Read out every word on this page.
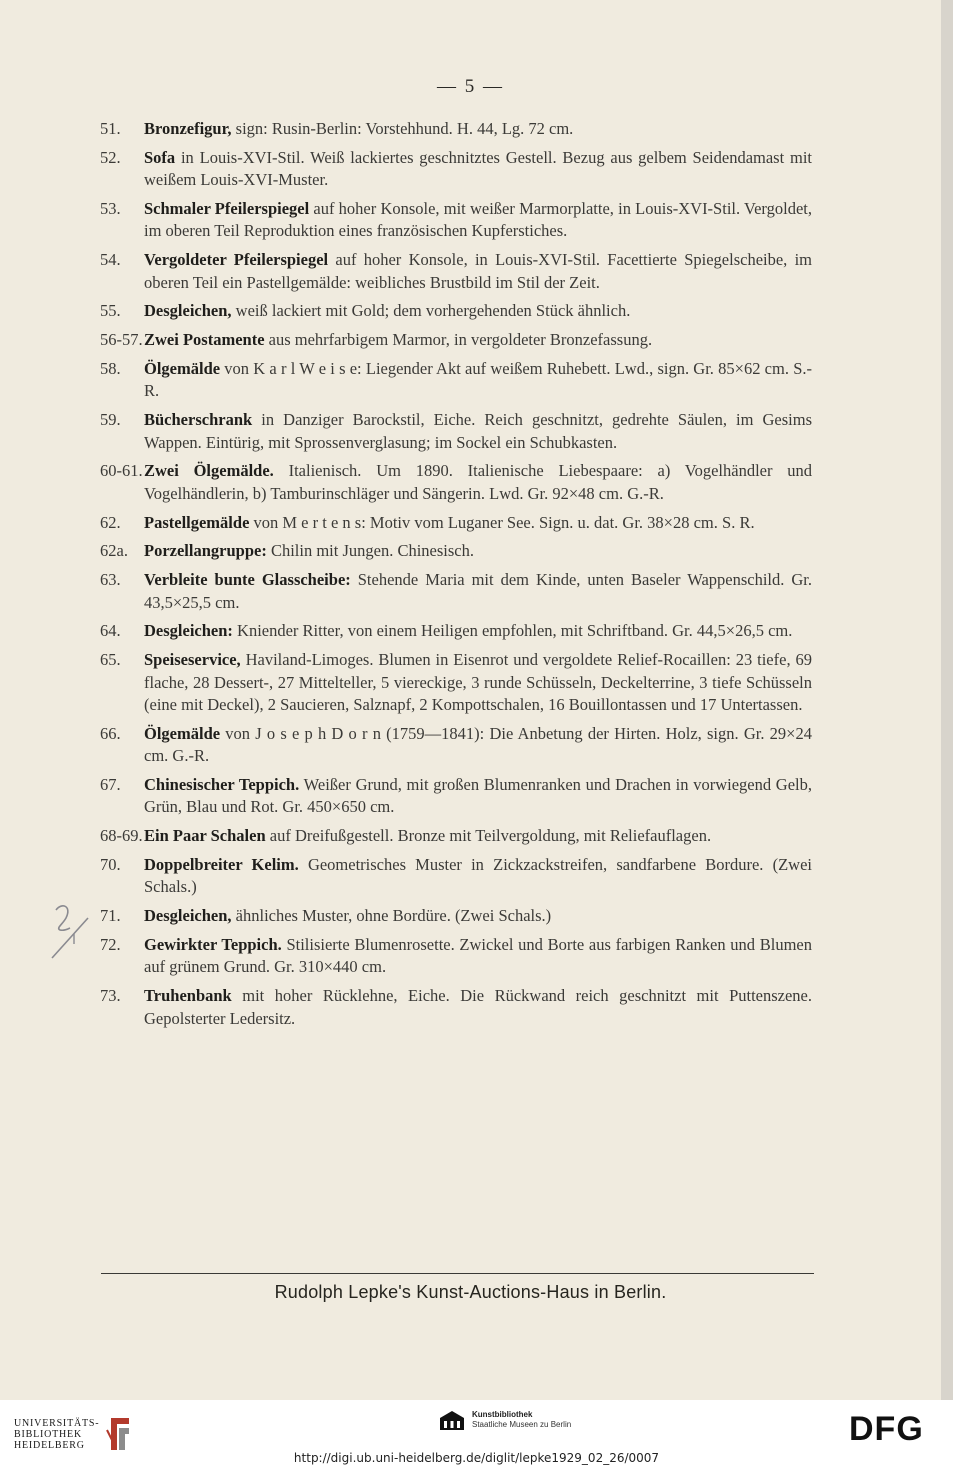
— 5 —
51.	Bronzefigur, sign: Rusin-Berlin: Vorstehhund. H. 44, Lg. 72 cm.
52.	Sofa in Louis-XVI-Stil. Weiß lackiertes geschnitztes Gestell. Bezug aus gelbem Seidendamast mit weißem Louis-XVI-Muster.
53.	Schmaler Pfeilerspiegel auf hoher Konsole, mit weißer Marmorplatte, in Louis-XVI-Stil. Vergoldet, im oberen Teil Reproduktion eines französischen Kupferstiches.
54.	Vergoldeter Pfeilerspiegel auf hoher Konsole, in Louis-XVI-Stil. Facettierte Spiegelscheibe, im oberen Teil ein Pastellgemälde: weibliches Brustbild im Stil der Zeit.
55.	Desgleichen, weiß lackiert mit Gold; dem vorhergehenden Stück ähnlich.
56-57. Zwei Postamente aus mehrfarbigem Marmor, in vergoldeter Bronzefassung.
58.	Ölgemälde von K a r l W e i s e: Liegender Akt auf weißem Ruhebett. Lwd., sign. Gr. 85×62 cm. S.-R.
59.	Bücherschrank in Danziger Barockstil, Eiche. Reich geschnitzt, gedrehte Säulen, im Gesims Wappen. Eintürig, mit Sprossenverglasung; im Sockel ein Schubkasten.
60-61. Zwei Ölgemälde. Italienisch. Um 1890. Italienische Liebespaare: a) Vogelhändler und Vogelhändlerin, b) Tamburinschläger und Sängerin. Lwd. Gr. 92×48 cm. G.-R.
62.	Pastellgemälde von M e r t e n s: Motiv vom Luganer See. Sign. u. dat. Gr. 38×28 cm. S. R.
62a. Porzellangruppe: Chilin mit Jungen. Chinesisch.
63.	Verbleite bunte Glasscheibe: Stehende Maria mit dem Kinde, unten Baseler Wappenschild. Gr. 43,5×25,5 cm.
64.	Desgleichen: Kniender Ritter, von einem Heiligen empfohlen, mit Schriftband. Gr. 44,5×26,5 cm.
65.	Speiseservice, Haviland-Limoges. Blumen in Eisenrot und vergoldete Relief-Rocaillen: 23 tiefe, 69 flache, 28 Dessert-, 27 Mittelteller, 5 viereckige, 3 runde Schüsseln, Deckelterrine, 3 tiefe Schüsseln (eine mit Deckel), 2 Saucieren, Salznapf, 2 Kompottschalen, 16 Bouillontassen und 17 Untertassen.
66.	Ölgemälde von J o s e p h D o r n (1759—1841): Die Anbetung der Hirten. Holz, sign. Gr. 29×24 cm. G.-R.
67.	Chinesischer Teppich. Weißer Grund, mit großen Blumenranken und Drachen in vorwiegend Gelb, Grün, Blau und Rot. Gr. 450×650 cm.
68-69. Ein Paar Schalen auf Dreifußgestell. Bronze mit Teilvergoldung, mit Reliefauflagen.
70.	Doppelbreiter Kelim. Geometrisches Muster in Zickzackstreifen, sandfarbene Bordure. (Zwei Schals.)
71.	Desgleichen, ähnliches Muster, ohne Bordüre. (Zwei Schals.)
72.	Gewirkter Teppich. Stilisierte Blumenrosette. Zwickel und Borte aus farbigen Ranken und Blumen auf grünem Grund. Gr. 310×440 cm.
73.	Truhenbank mit hoher Rücklehne, Eiche. Die Rückwand reich geschnitzt mit Puttenszene. Gepolsterter Ledersitz.
2/
Rudolph Lepke's Kunst-Auctions-Haus in Berlin.
UNIVERSITÄTS-
BIBLIOTHEK
HEIDELBERG
Kunstbibliothek
Staatliche Museen zu Berlin	DFG
http://digi.ub.uni-heidelberg.de/diglit/lepke1929_02_26/0007
